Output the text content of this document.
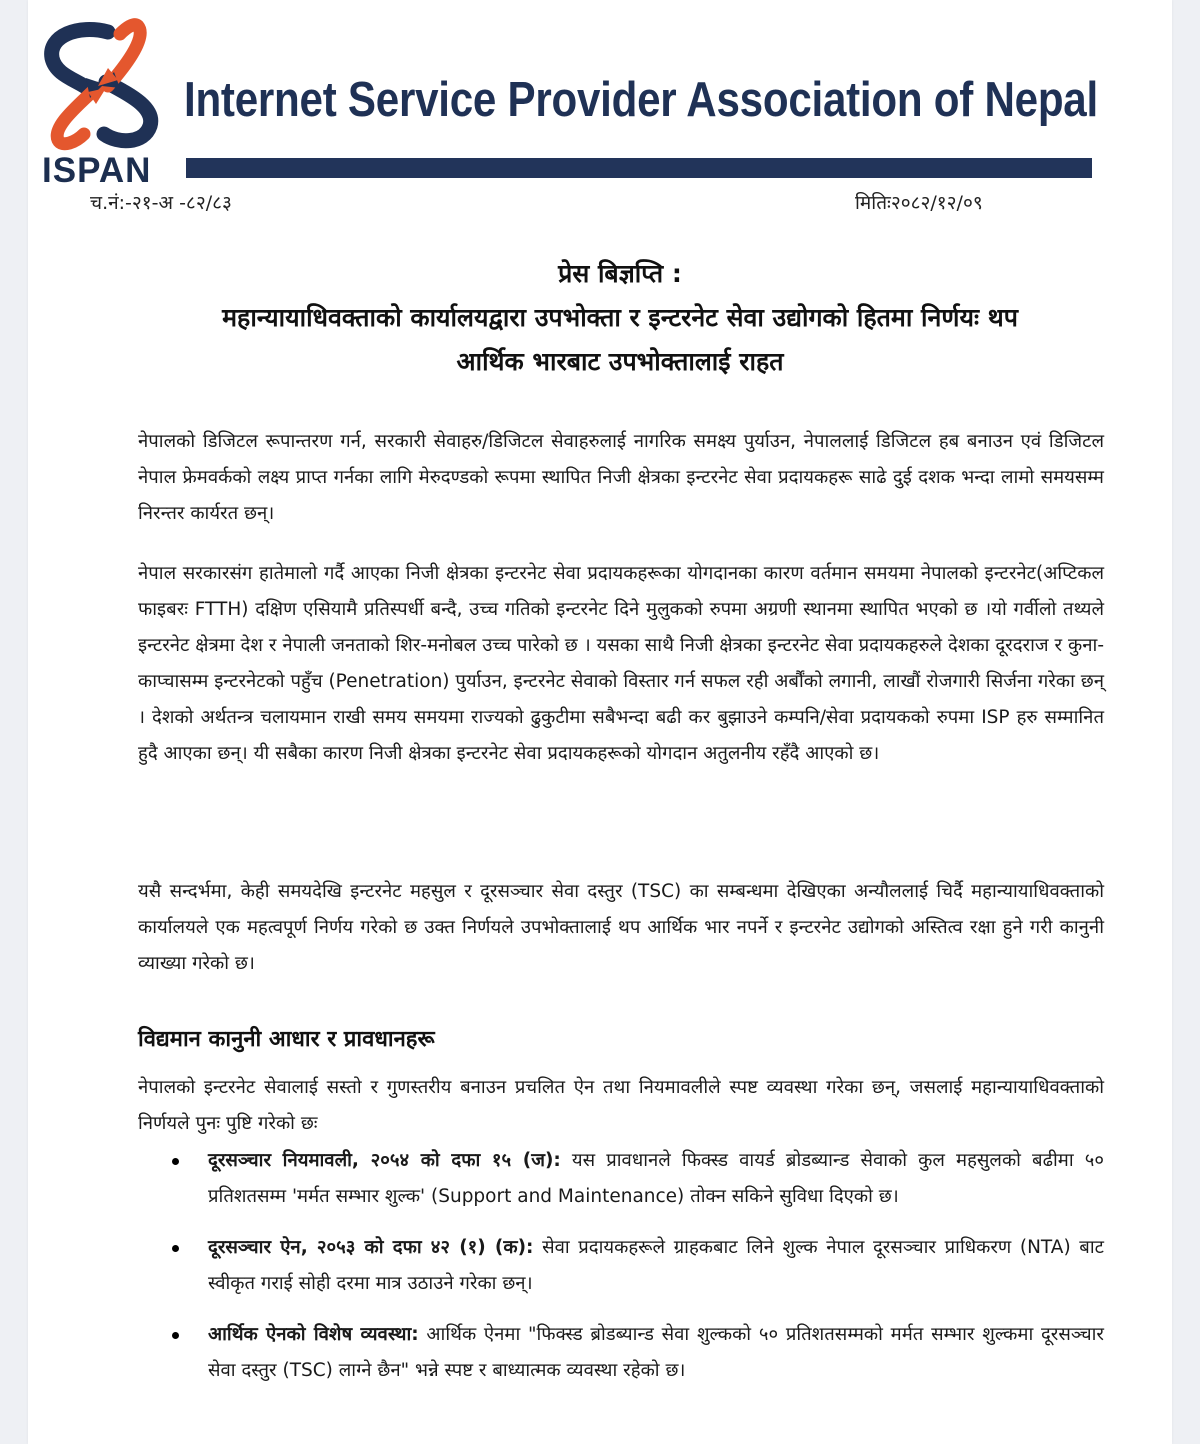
ISPAN
Internet Service Provider Association of Nepal
च.नं:-२१-अ -८२/८३	मितिः२०८२/१२/०९
प्रेस बिज्ञप्ति :
महान्यायाधिवक्ताको कार्यालयद्वारा उपभोक्ता र इन्टरनेट सेवा उद्योगको हितमा निर्णयः थप
आर्थिक भारबाट उपभोक्तालाई राहत
नेपालको डिजिटल रूपान्तरण गर्न, सरकारी सेवाहरु/डिजिटल सेवाहरुलाई नागरिक समक्ष्य पुर्याउन, नेपाललाई डिजिटल हब बनाउन एवं डिजिटल नेपाल फ्रेमवर्कको लक्ष्य प्राप्त गर्नका लागि मेरुदण्डको रूपमा स्थापित निजी क्षेत्रका इन्टरनेट सेवा प्रदायकहरू साढे दुई दशक भन्दा लामो समयसम्म निरन्तर कार्यरत छन्।
नेपाल सरकारसंग हातेमालो गर्दै आएका निजी क्षेत्रका इन्टरनेट सेवा प्रदायकहरूका योगदानका कारण वर्तमान समयमा नेपालको इन्टरनेट(अप्टिकल फाइबरः FTTH) दक्षिण एसियामै प्रतिस्पर्धी बन्दै, उच्च गतिको इन्टरनेट दिने मुलुकको रुपमा अग्रणी स्थानमा स्थापित भएको छ ।यो गर्वीलो तथ्यले इन्टरनेट क्षेत्रमा देश र नेपाली जनताको शिर-मनोबल उच्च पारेको छ । यसका साथै निजी क्षेत्रका इन्टरनेट सेवा प्रदायकहरुले देशका दूरदराज र कुना-काप्चासम्म इन्टरनेटको पहुँच (Penetration) पुर्याउन, इन्टरनेट सेवाको विस्तार गर्न सफल रही अर्बौंको लगानी, लाखौं रोजगारी सिर्जना गरेका छन् । देशको अर्थतन्त्र चलायमान राखी समय समयमा राज्यको ढुकुटीमा सबैभन्दा बढी कर बुझाउने कम्पनि/सेवा प्रदायकको रुपमा ISP हरु सम्मानित हुदै आएका छन्। यी सबैका कारण निजी क्षेत्रका इन्टरनेट सेवा प्रदायकहरूको योगदान अतुलनीय रहँदै आएको छ।
यसै सन्दर्भमा, केही समयदेखि इन्टरनेट महसुल र दूरसञ्चार सेवा दस्तुर (TSC) का सम्बन्धमा देखिएका अन्यौललाई चिर्दै महान्यायाधिवक्ताको कार्यालयले एक महत्वपूर्ण निर्णय गरेको छ उक्त निर्णयले उपभोक्तालाई थप आर्थिक भार नपर्ने र इन्टरनेट उद्योगको अस्तित्व रक्षा हुने गरी कानुनी व्याख्या गरेको छ।
विद्यमान कानुनी आधार र प्रावधानहरू
नेपालको इन्टरनेट सेवालाई सस्तो र गुणस्तरीय बनाउन प्रचलित ऐन तथा नियमावलीले स्पष्ट व्यवस्था गरेका छन्, जसलाई महान्यायाधिवक्ताको निर्णयले पुनः पुष्टि गरेको छः
दूरसञ्चार नियमावली, २०५४ को दफा १५ (ज): यस प्रावधानले फिक्स्ड वायर्ड ब्रोडब्यान्ड सेवाको कुल महसुलको बढीमा ५० प्रतिशतसम्म 'मर्मत सम्भार शुल्क' (Support and Maintenance) तोक्न सकिने सुविधा दिएको छ।
दूरसञ्चार ऐन, २०५३ को दफा ४२ (१) (क): सेवा प्रदायकहरूले ग्राहकबाट लिने शुल्क नेपाल दूरसञ्चार प्राधिकरण (NTA) बाट स्वीकृत गराई सोही दरमा मात्र उठाउने गरेका छन्।
आर्थिक ऐनको विशेष व्यवस्था: आर्थिक ऐनमा "फिक्स्ड ब्रोडब्यान्ड सेवा शुल्कको ५० प्रतिशतसम्मको मर्मत सम्भार शुल्कमा दूरसञ्चार सेवा दस्तुर (TSC) लाग्ने छैन" भन्ने स्पष्ट र बाध्यात्मक व्यवस्था रहेको छ।
